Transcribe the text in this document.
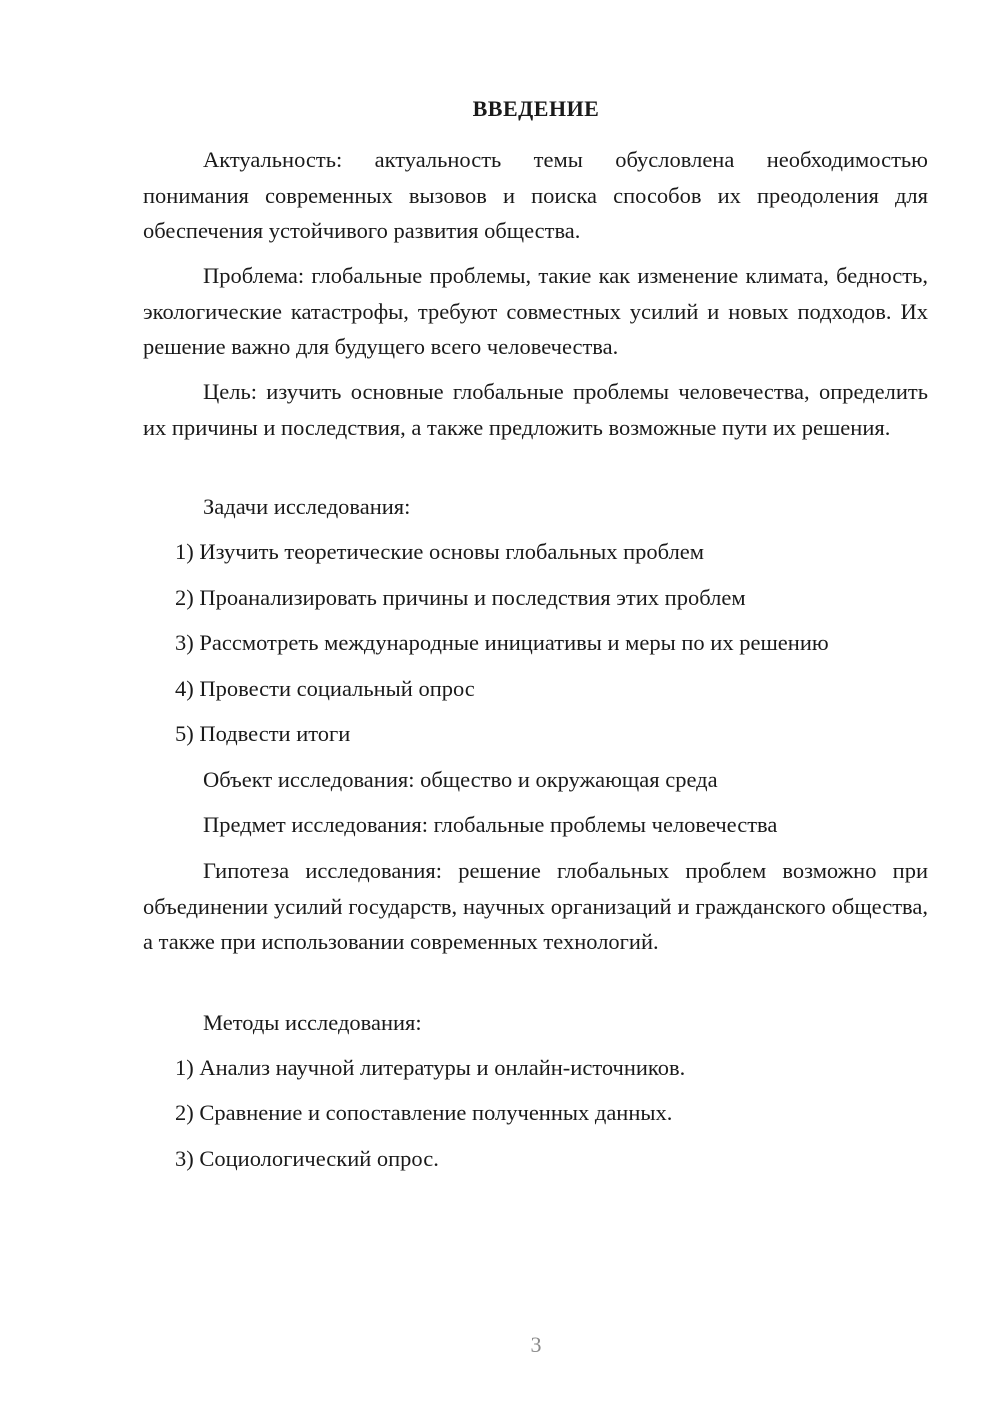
ВВЕДЕНИЕ

Актуальность: актуальность темы обусловлена необходимостью понимания современных вызовов и поиска способов их преодоления для обеспечения устойчивого развития общества.

Проблема: глобальные проблемы, такие как изменение климата, бедность, экологические катастрофы, требуют совместных усилий и новых подходов. Их решение важно для будущего всего человечества.

Цель: изучить основные глобальные проблемы человечества, определить их причины и последствия, а также предложить возможные пути их решения.

Задачи исследования:
1) Изучить теоретические основы глобальных проблем
2) Проанализировать причины и последствия этих проблем
3) Рассмотреть международные инициативы и меры по их решению
4) Провести социальный опрос
5) Подвести итоги
Объект исследования: общество и окружающая среда
Предмет исследования: глобальные проблемы человечества

Гипотеза исследования: решение глобальных проблем возможно при объединении усилий государств, научных организаций и гражданского общества, а также при использовании современных технологий.

Методы исследования:
1) Анализ научной литературы и онлайн-источников.
2) Сравнение и сопоставление полученных данных.
3) Социологический опрос.
3
